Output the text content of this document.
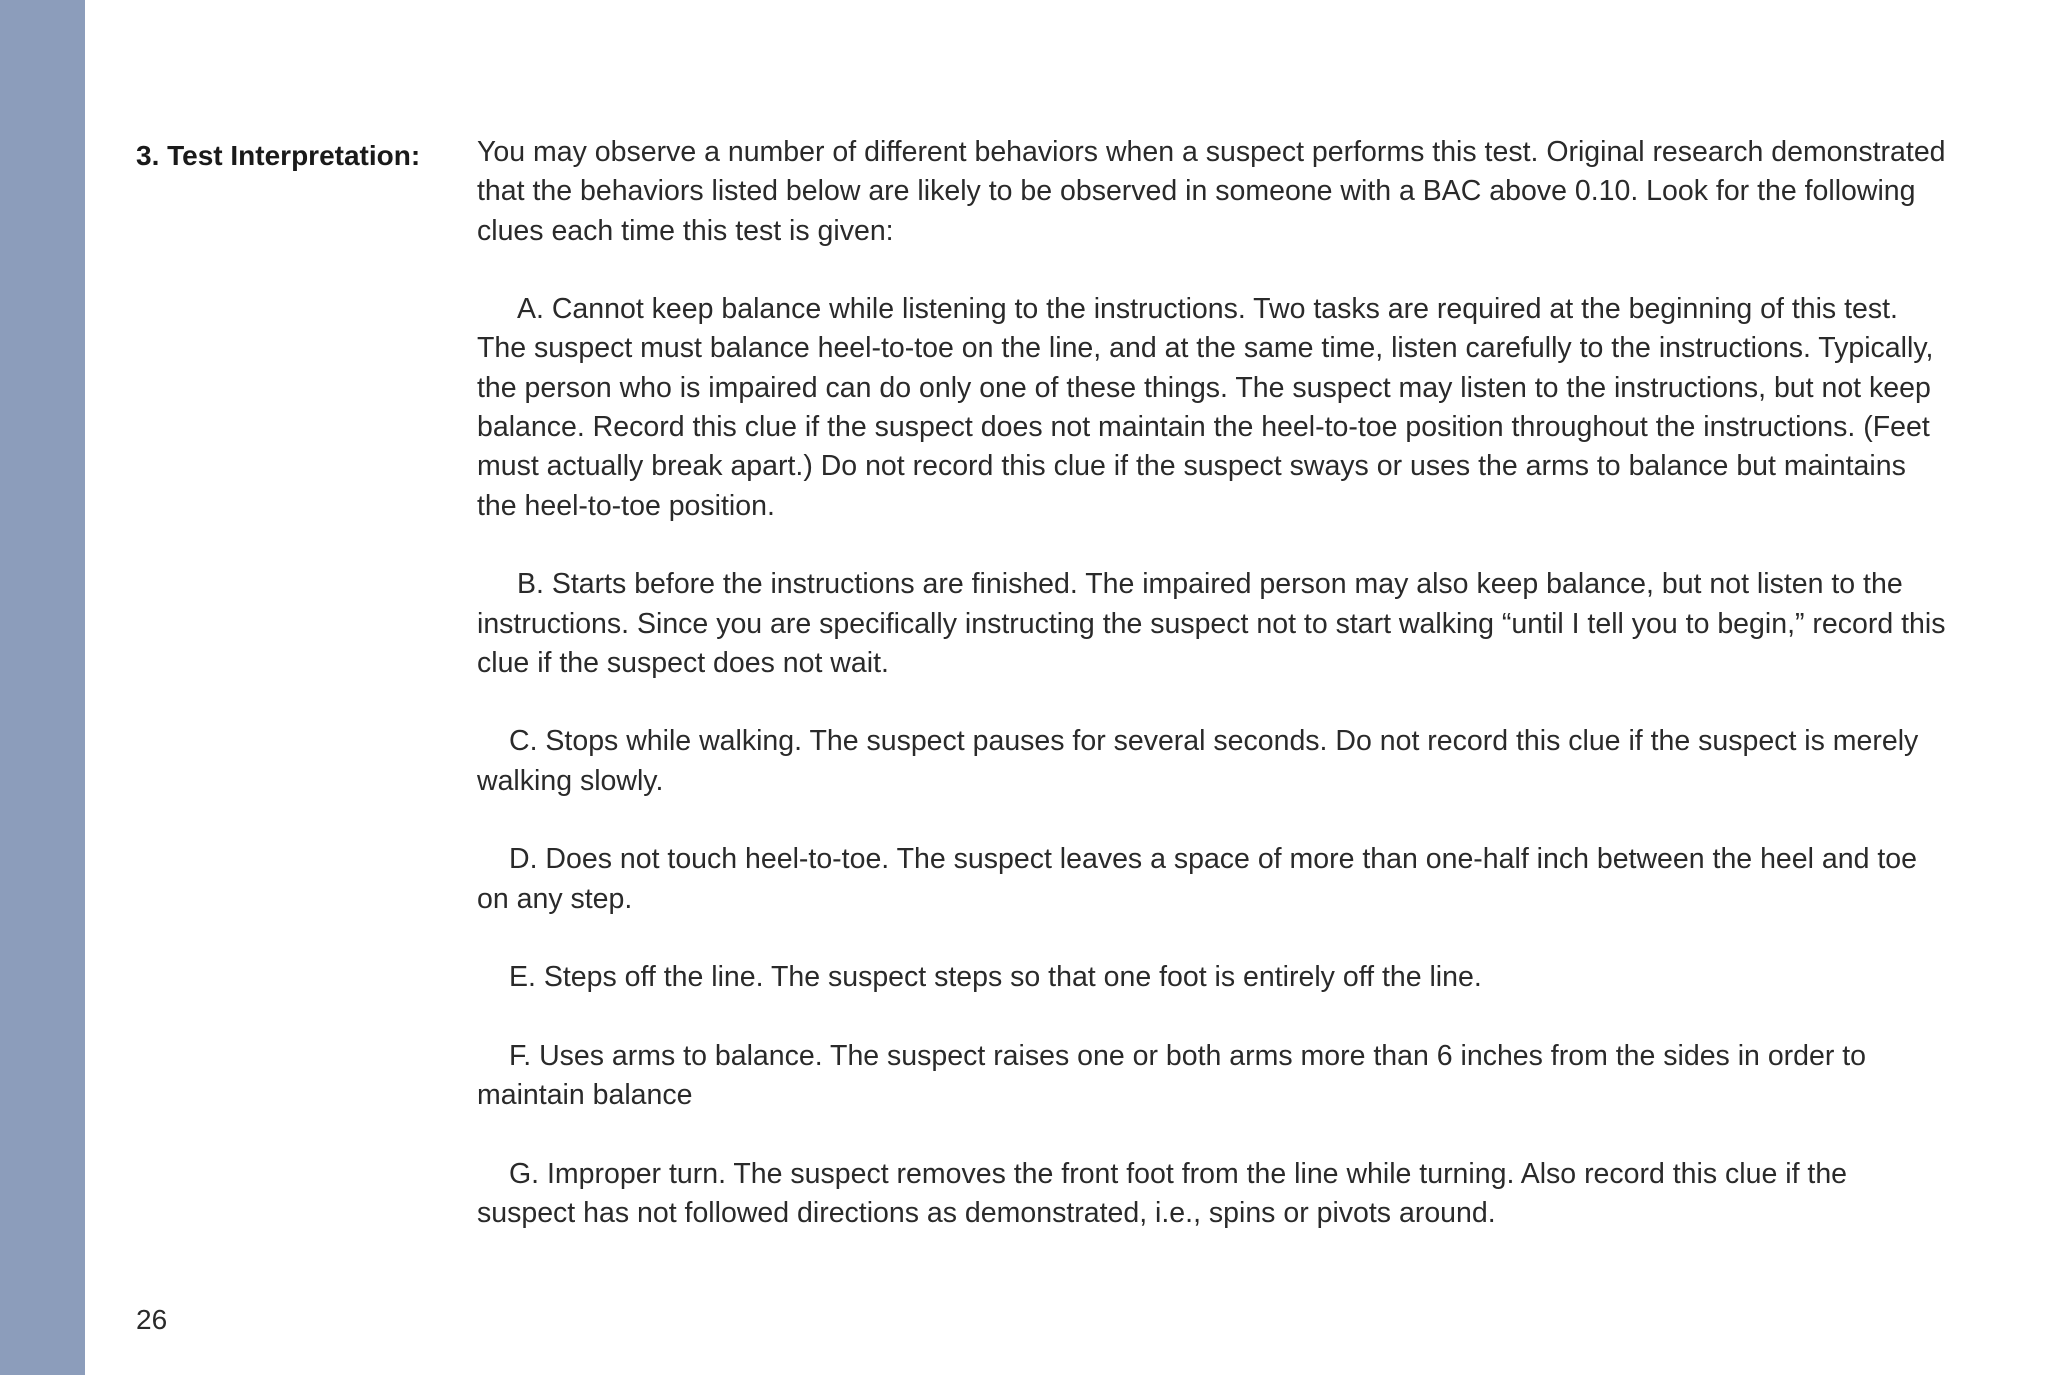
3. Test Interpretation: You may observe a number of different behaviors when a suspect performs this test. Original research demonstrated that the behaviors listed below are likely to be observed in someone with a BAC above 0.10. Look for the following clues each time this test is given:

A. Cannot keep balance while listening to the instructions. Two tasks are required at the beginning of this test. The suspect must balance heel-to-toe on the line, and at the same time, listen carefully to the instructions. Typically, the person who is impaired can do only one of these things. The suspect may listen to the instructions, but not keep balance. Record this clue if the suspect does not maintain the heel-to-toe position throughout the instructions. (Feet must actually break apart.) Do not record this clue if the suspect sways or uses the arms to balance but maintains the heel-to-toe position.

B. Starts before the instructions are finished. The impaired person may also keep balance, but not listen to the instructions. Since you are specifically instructing the suspect not to start walking “until I tell you to begin,” record this clue if the suspect does not wait.

C. Stops while walking. The suspect pauses for several seconds. Do not record this clue if the suspect is merely walking slowly.

D. Does not touch heel-to-toe. The suspect leaves a space of more than one-half inch between the heel and toe on any step.

E. Steps off the line. The suspect steps so that one foot is entirely off the line.

F. Uses arms to balance. The suspect raises one or both arms more than 6 inches from the sides in order to maintain balance

G. Improper turn. The suspect removes the front foot from the line while turning. Also record this clue if the suspect has not followed directions as demonstrated, i.e., spins or pivots around.

26
